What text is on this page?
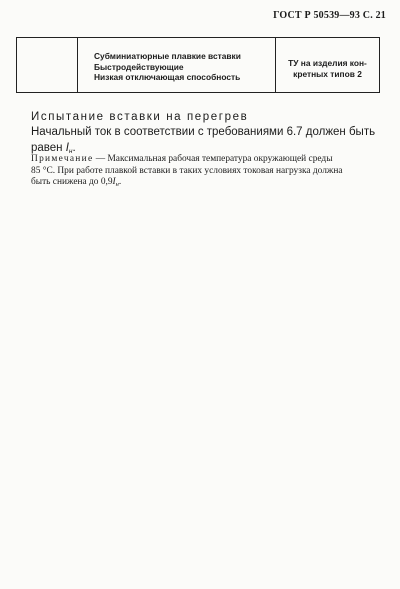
ГОСТ Р 50539—93 С. 21
Субминиатюрные плавкие вставки
Быстродействующие
Низкая отключающая способность
ТУ на изделия кон-
кретных типов 2
Испытание вставки на перегрев
Начальный ток в соответствии с требованиями 6.7 должен быть
равен $I_н$.
Примечание — Максимальная рабочая температура окружающей среды
85 °С. При работе плавкой вставки в таких условиях токовая нагрузка должна
быть снижена до $0,9I_н$.
